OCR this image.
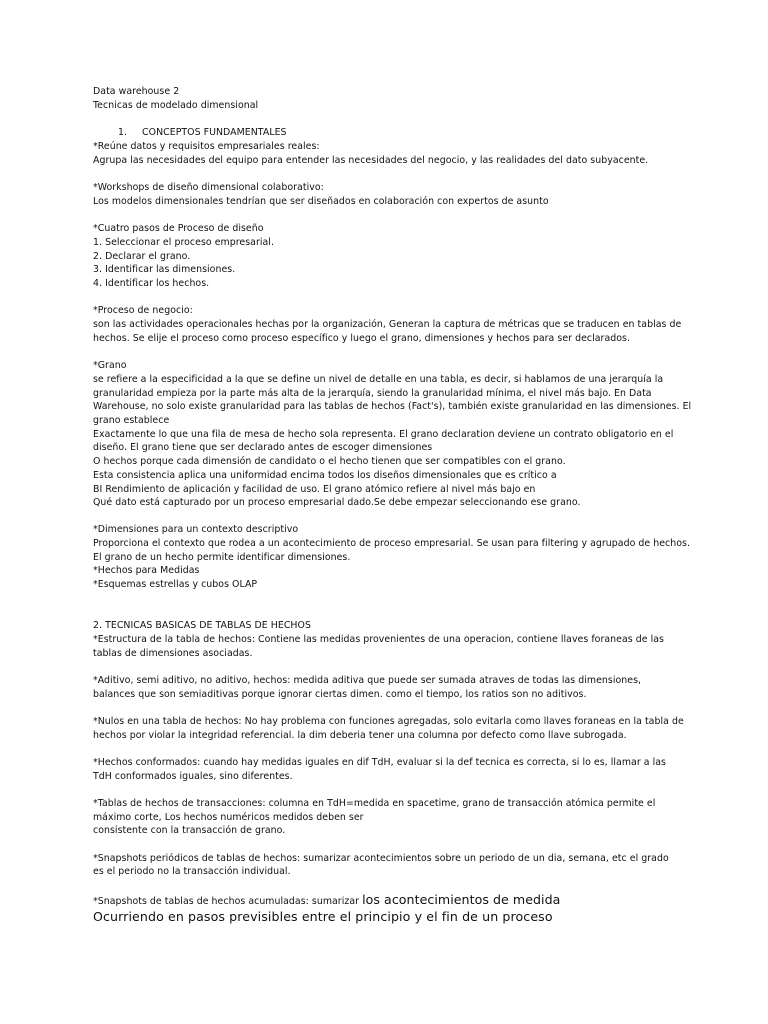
Data warehouse 2
Tecnicas de modelado dimensional
1. CONCEPTOS FUNDAMENTALES
*Reúne datos y requisitos empresariales reales:
Agrupa las necesidades del equipo para entender las necesidades del negocio, y las realidades del dato subyacente.
*Workshops de diseño dimensional colaborativo:
Los modelos dimensionales tendrían que ser diseñados en colaboración con expertos de asunto
*Cuatro pasos de Proceso de diseño
1. Seleccionar el proceso empresarial.
2. Declarar el grano.
3. Identificar las dimensiones.
4. Identificar los hechos.
*Proceso de negocio:
son las actividades operacionales hechas por la organización, Generan la captura de métricas que se traducen en tablas de
hechos. Se elije el proceso como proceso específico y luego el grano, dimensiones y hechos para ser declarados.
*Grano
se refiere a la especificidad a la que se define un nivel de detalle en una tabla, es decir, si hablamos de una jerarquía la
granularidad empieza por la parte más alta de la jerarquía, siendo la granularidad mínima, el nivel más bajo. En Data
Warehouse, no solo existe granularidad para las tablas de hechos (Fact's), también existe granularidad en las dimensiones. El
grano establece
Exactamente lo que una fila de mesa de hecho sola representa. El grano declaration deviene un contrato obligatorio en el
diseño. El grano tiene que ser declarado antes de escoger dimensiones
O hechos porque cada dimensión de candidato o el hecho tienen que ser compatibles con el grano.
Esta consistencia aplica una uniformidad encima todos los diseños dimensionales que es crítico a
BI Rendimiento de aplicación y facilidad de uso. El grano atómico refiere al nivel más bajo en
Qué dato está capturado por un proceso empresarial dado.Se debe empezar seleccionando ese grano.
*Dimensiones para un contexto descriptivo
Proporciona el contexto que rodea a un acontecimiento de proceso empresarial. Se usan para filtering y agrupado de hechos.
El grano de un hecho permite identificar dimensiones.
*Hechos para Medidas
*Esquemas estrellas y cubos OLAP
2. TECNICAS BASICAS DE TABLAS DE HECHOS
*Estructura de la tabla de hechos: Contiene las medidas provenientes de una operacion, contiene llaves foraneas de las
tablas de dimensiones asociadas.
*Aditivo, semi aditivo, no aditivo, hechos: medida aditiva que puede ser sumada atraves de todas las dimensiones,
balances que son semiaditivas porque ignorar ciertas dimen. como el tiempo, los ratios son no aditivos.
*Nulos en una tabla de hechos: No hay problema con funciones agregadas, solo evitarla como llaves foraneas en la tabla de
hechos por violar la integridad referencial. la dim deberia tener una columna por defecto como llave subrogada.
*Hechos conformados: cuando hay medidas iguales en dif TdH, evaluar si la def tecnica es correcta, si lo es, llamar a las
TdH conformados iguales, sino diferentes.
*Tablas de hechos de transacciones: columna en TdH=medida en spacetime, grano de transacción atómica permite el
máximo corte, Los hechos numéricos medidos deben ser
consistente con la transacción de grano.
*Snapshots periódicos de tablas de hechos: sumarizar acontecimientos sobre un periodo de un dia, semana, etc el grado
es el periodo no la transacción individual.
*Snapshots de tablas de hechos acumuladas: sumarizar los acontecimientos de medida
Ocurriendo en pasos previsibles entre el principio y el fin de un proceso
